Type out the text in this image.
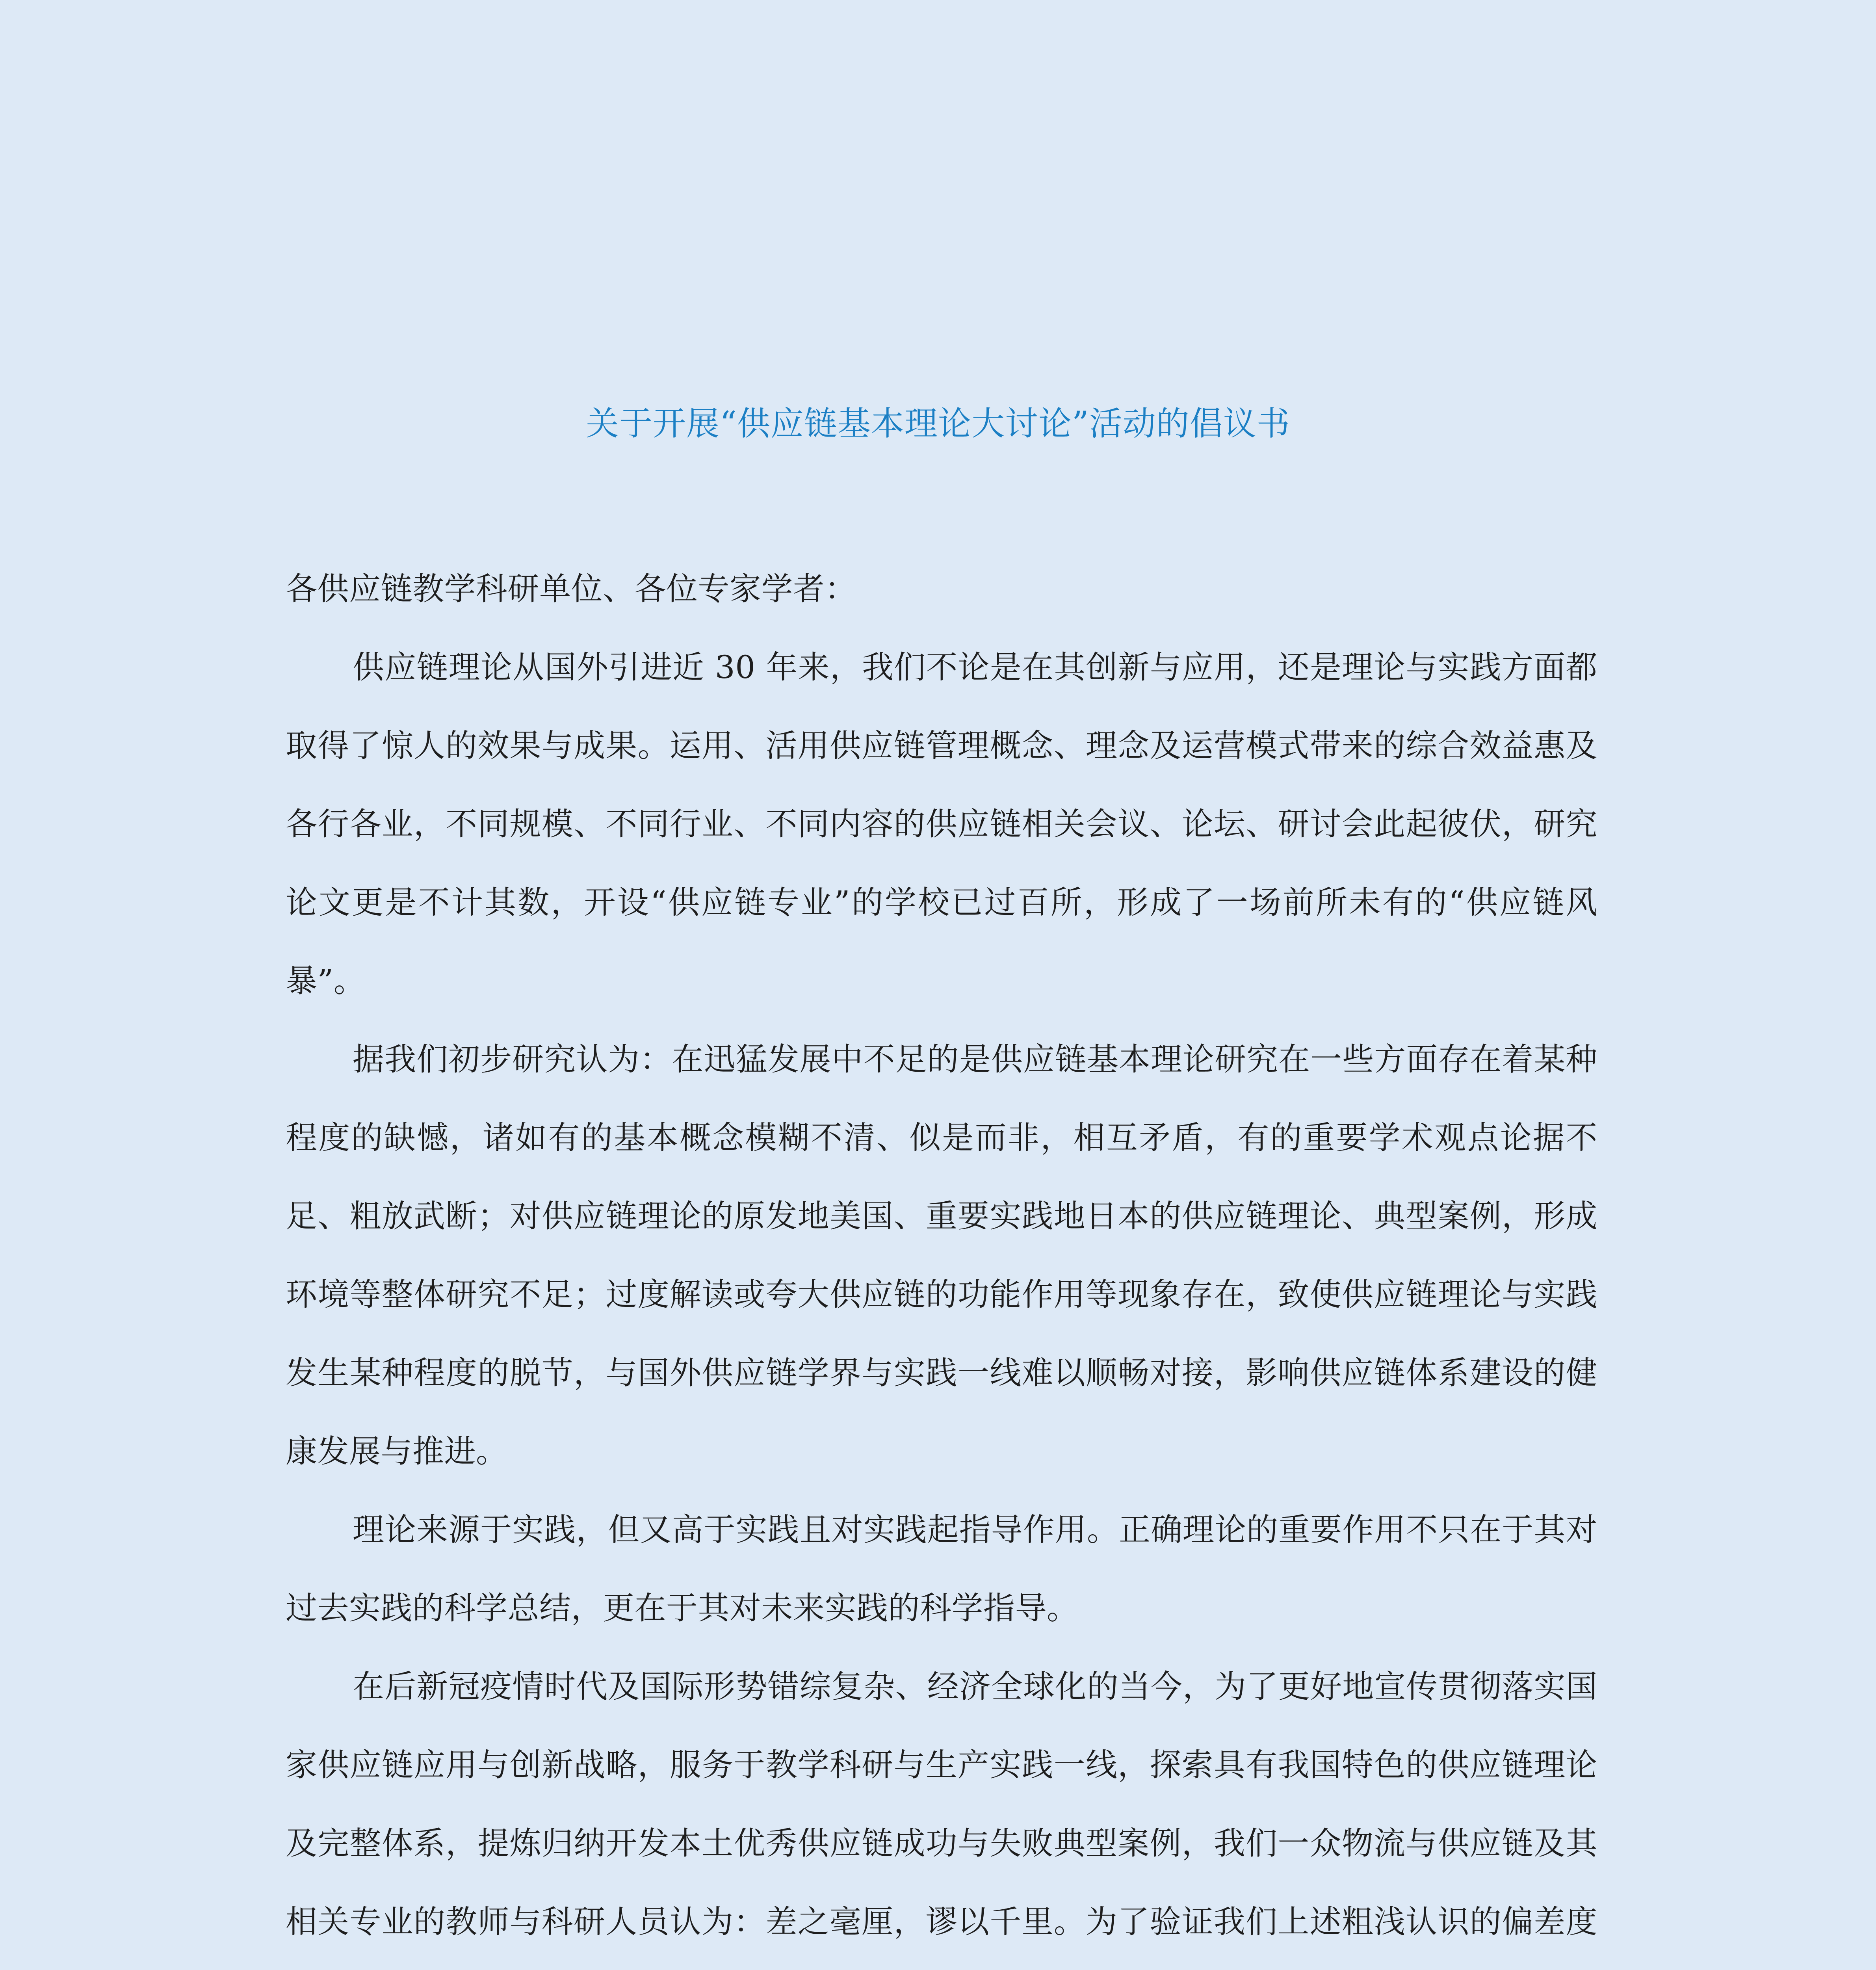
关于开展“供应链基本理论大讨论”活动的倡议书

各供应链教学科研单位、各位专家学者：

供应链理论从国外引进近 30 年来，我们不论是在其创新与应用，还是理论与实践方面都取得了惊人的效果与成果。运用、活用供应链管理概念、理念及运营模式带来的综合效益惠及各行各业，不同规模、不同行业、不同内容的供应链相关会议、论坛、研讨会此起彼伏，研究论文更是不计其数，开设“供应链专业”的学校已过百所，形成了一场前所未有的“供应链风暴”。

据我们初步研究认为：在迅猛发展中不足的是供应链基本理论研究在一些方面存在着某种程度的缺憾，诸如有的基本概念模糊不清、似是而非，相互矛盾，有的重要学术观点论据不足、粗放武断；对供应链理论的原发地美国、重要实践地日本的供应链理论、典型案例，形成环境等整体研究不足；过度解读或夸大供应链的功能作用等现象存在，致使供应链理论与实践发生某种程度的脱节，与国外供应链学界与实践一线难以顺畅对接，影响供应链体系建设的健康发展与推进。

理论来源于实践，但又高于实践且对实践起指导作用。正确理论的重要作用不只在于其对过去实践的科学总结，更在于其对未来实践的科学指导。

在后新冠疫情时代及国际形势错综复杂、经济全球化的当今，为了更好地宣传贯彻落实国家供应链应用与创新战略，服务于教学科研与生产实践一线，探索具有我国特色的供应链理论及完整体系，提炼归纳开发本土优秀供应链成功与失败典型案例，我们一众物流与供应链及其相关专业的教师与科研人员认为：差之毫厘，谬以千里。为了验证我们上述粗浅认识的偏差度
